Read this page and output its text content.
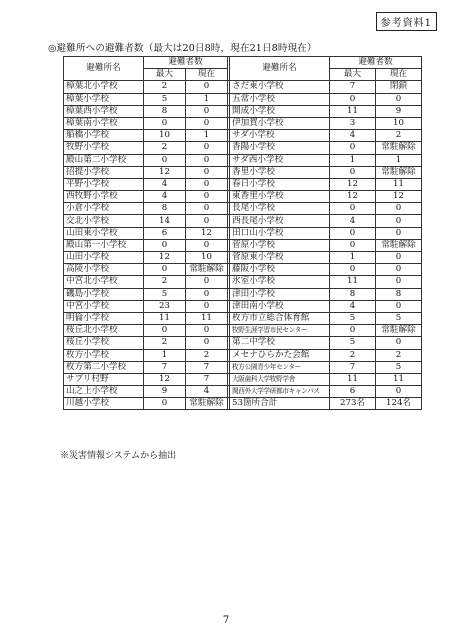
参考資料1
◎避難所への避難者数（最大は20日8時，現在21日8時現在）
避難所名	避難者数			避難所名	避難者数	
	最大	現在			最大	現在
樟葉北小学校	2	0		さだ東小学校	7	閉鎖
樟葉小学校	5	1		五常小学校	0	0
樟葉西小学校	8	0		開成小学校	11	9
樟葉南小学校	0	0		伊加賀小学校	3	10
船橋小学校	10	1		サダ小学校	4	2
牧野小学校	2	0		香陽小学校	0	常駐解除
殿山第二小学校	0	0		サダ西小学校	1	1
招提小学校	12	0		香里小学校	0	常駐解除
平野小学校	4	0		春日小学校	12	11
西牧野小学校	4	0		東香里小学校	12	12
小倉小学校	8	0		長尾小学校	0	0
交北小学校	14	0		西長尾小学校	4	0
山田東小学校	6	12		田口山小学校	0	0
殿山第一小学校	0	0		菅原小学校	0	常駐解除
山田小学校	12	10		菅原東小学校	1	0
高陵小学校	0	常駐解除		藤阪小学校	0	0
中宮北小学校	2	0		氷室小学校	11	0
磯島小学校	5	0		津田小学校	8	8
中宮小学校	23	0		津田南小学校	4	0
明倫小学校	11	11		枚方市立総合体育館	5	5
桜丘北小学校	0	0		牧野生涯学習市民センター	0	常駐解除
桜丘小学校	2	0		第二中学校	5	0
枚方小学校	1	2		メセナひらかた会館	2	2
枚方第二小学校	7	7		枚方公園青少年センター	7	5
サプリ村野	12	7		大阪歯科大学牧野学舎	11	11
山之上小学校	9	4		関西外大学学研都市キャンパス	6	0
川越小学校	0	常駐解除		53箇所合計	273名	124名
※災害情報システムから抽出
7
